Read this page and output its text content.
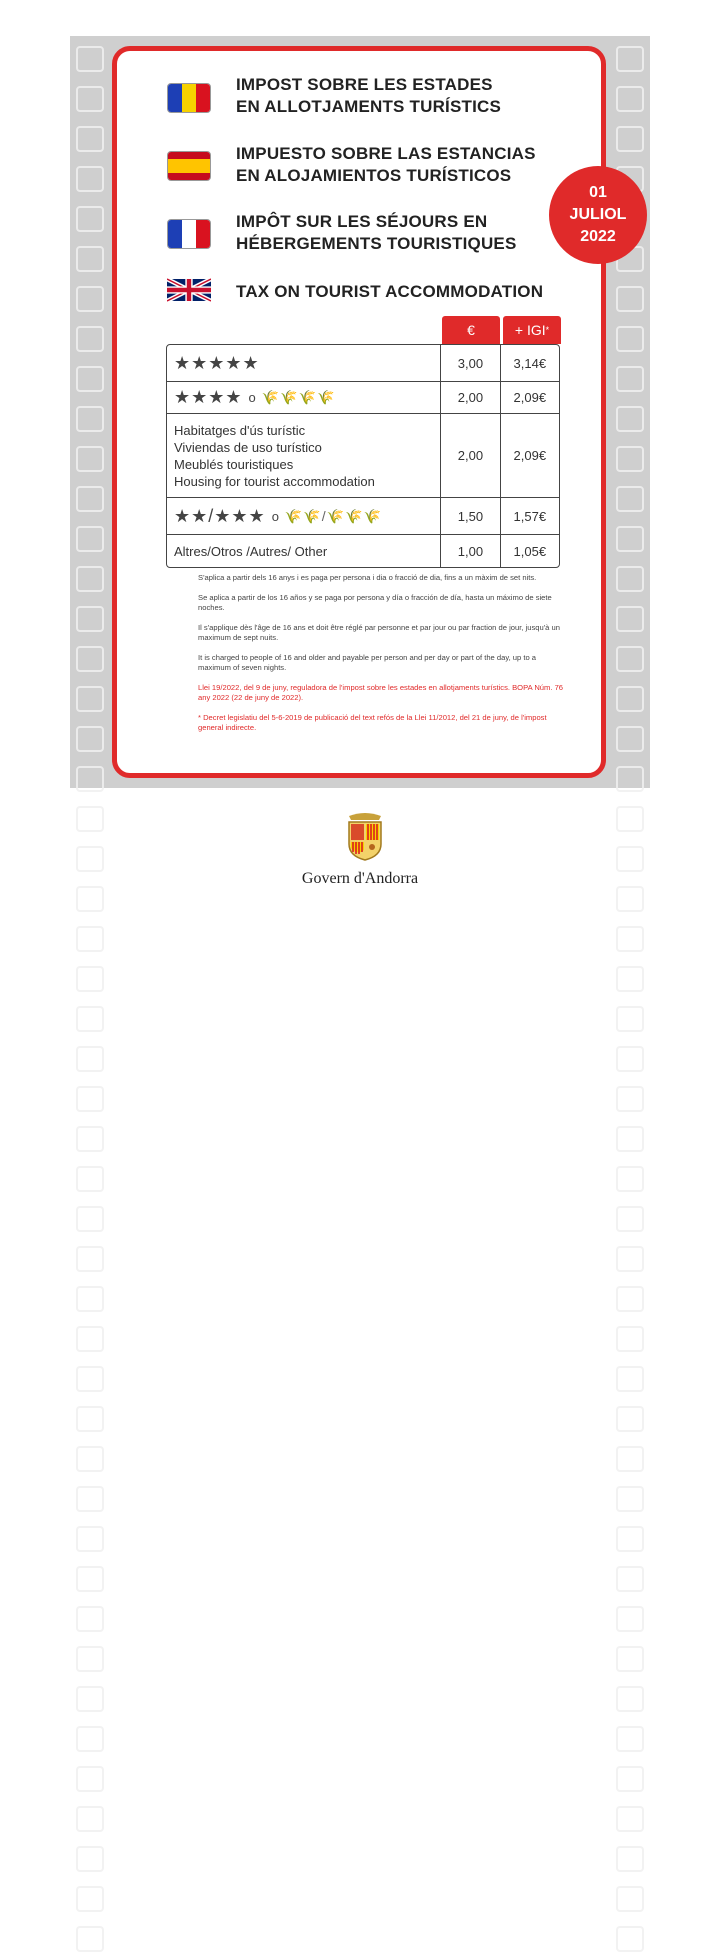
IMPOST SOBRE LES ESTADES
EN ALLOTJAMENTS TURÍSTICS
IMPUESTO SOBRE LAS ESTANCIAS
EN ALOJAMIENTOS TURÍSTICOS
IMPÔT SUR LES SÉJOURS EN
HÉBERGEMENTS TOURISTIQUES
TAX ON TOURIST ACCOMMODATION
01
JULIOL
2022
€	+ IGI *
★★★★★	3,00	3,14€
★★★★ o 🌾🌾🌾🌾	2,00	2,09€
Habitatges d'ús turístic
Viviendas de uso turístico
Meublés touristiques
Housing for tourist accommodation
2,00	2,09€
★★/★★★ o 🌾🌾/🌾🌾🌾	1,50	1,57€
Altres/Otros /Autres/ Other	1,00	1,05€

S'aplica a partir dels 16 anys i es paga per persona i dia o fracció de dia, fins a un màxim de set nits.

Se aplica a partir de los 16 años y se paga por persona y día o fracción de día, hasta un máximo de siete noches.

Il s'applique dès l'âge de 16 ans et doit être réglé par personne et par jour ou par fraction de jour, jusqu'à un maximum de sept nuits.

It is charged to people of 16 and older and payable per person and per day or part of the day, up to a maximum of seven nights.

Llei 19/2022, del 9 de juny, reguladora de l'impost sobre les estades en allotjaments turístics. BOPA Núm. 76 any 2022 (22 de juny de 2022).

* Decret legislatiu del 5-6-2019 de publicació del text refós de la Llei 11/2012, del 21 de juny, de l'impost general indirecte.

Govern d'Andorra
